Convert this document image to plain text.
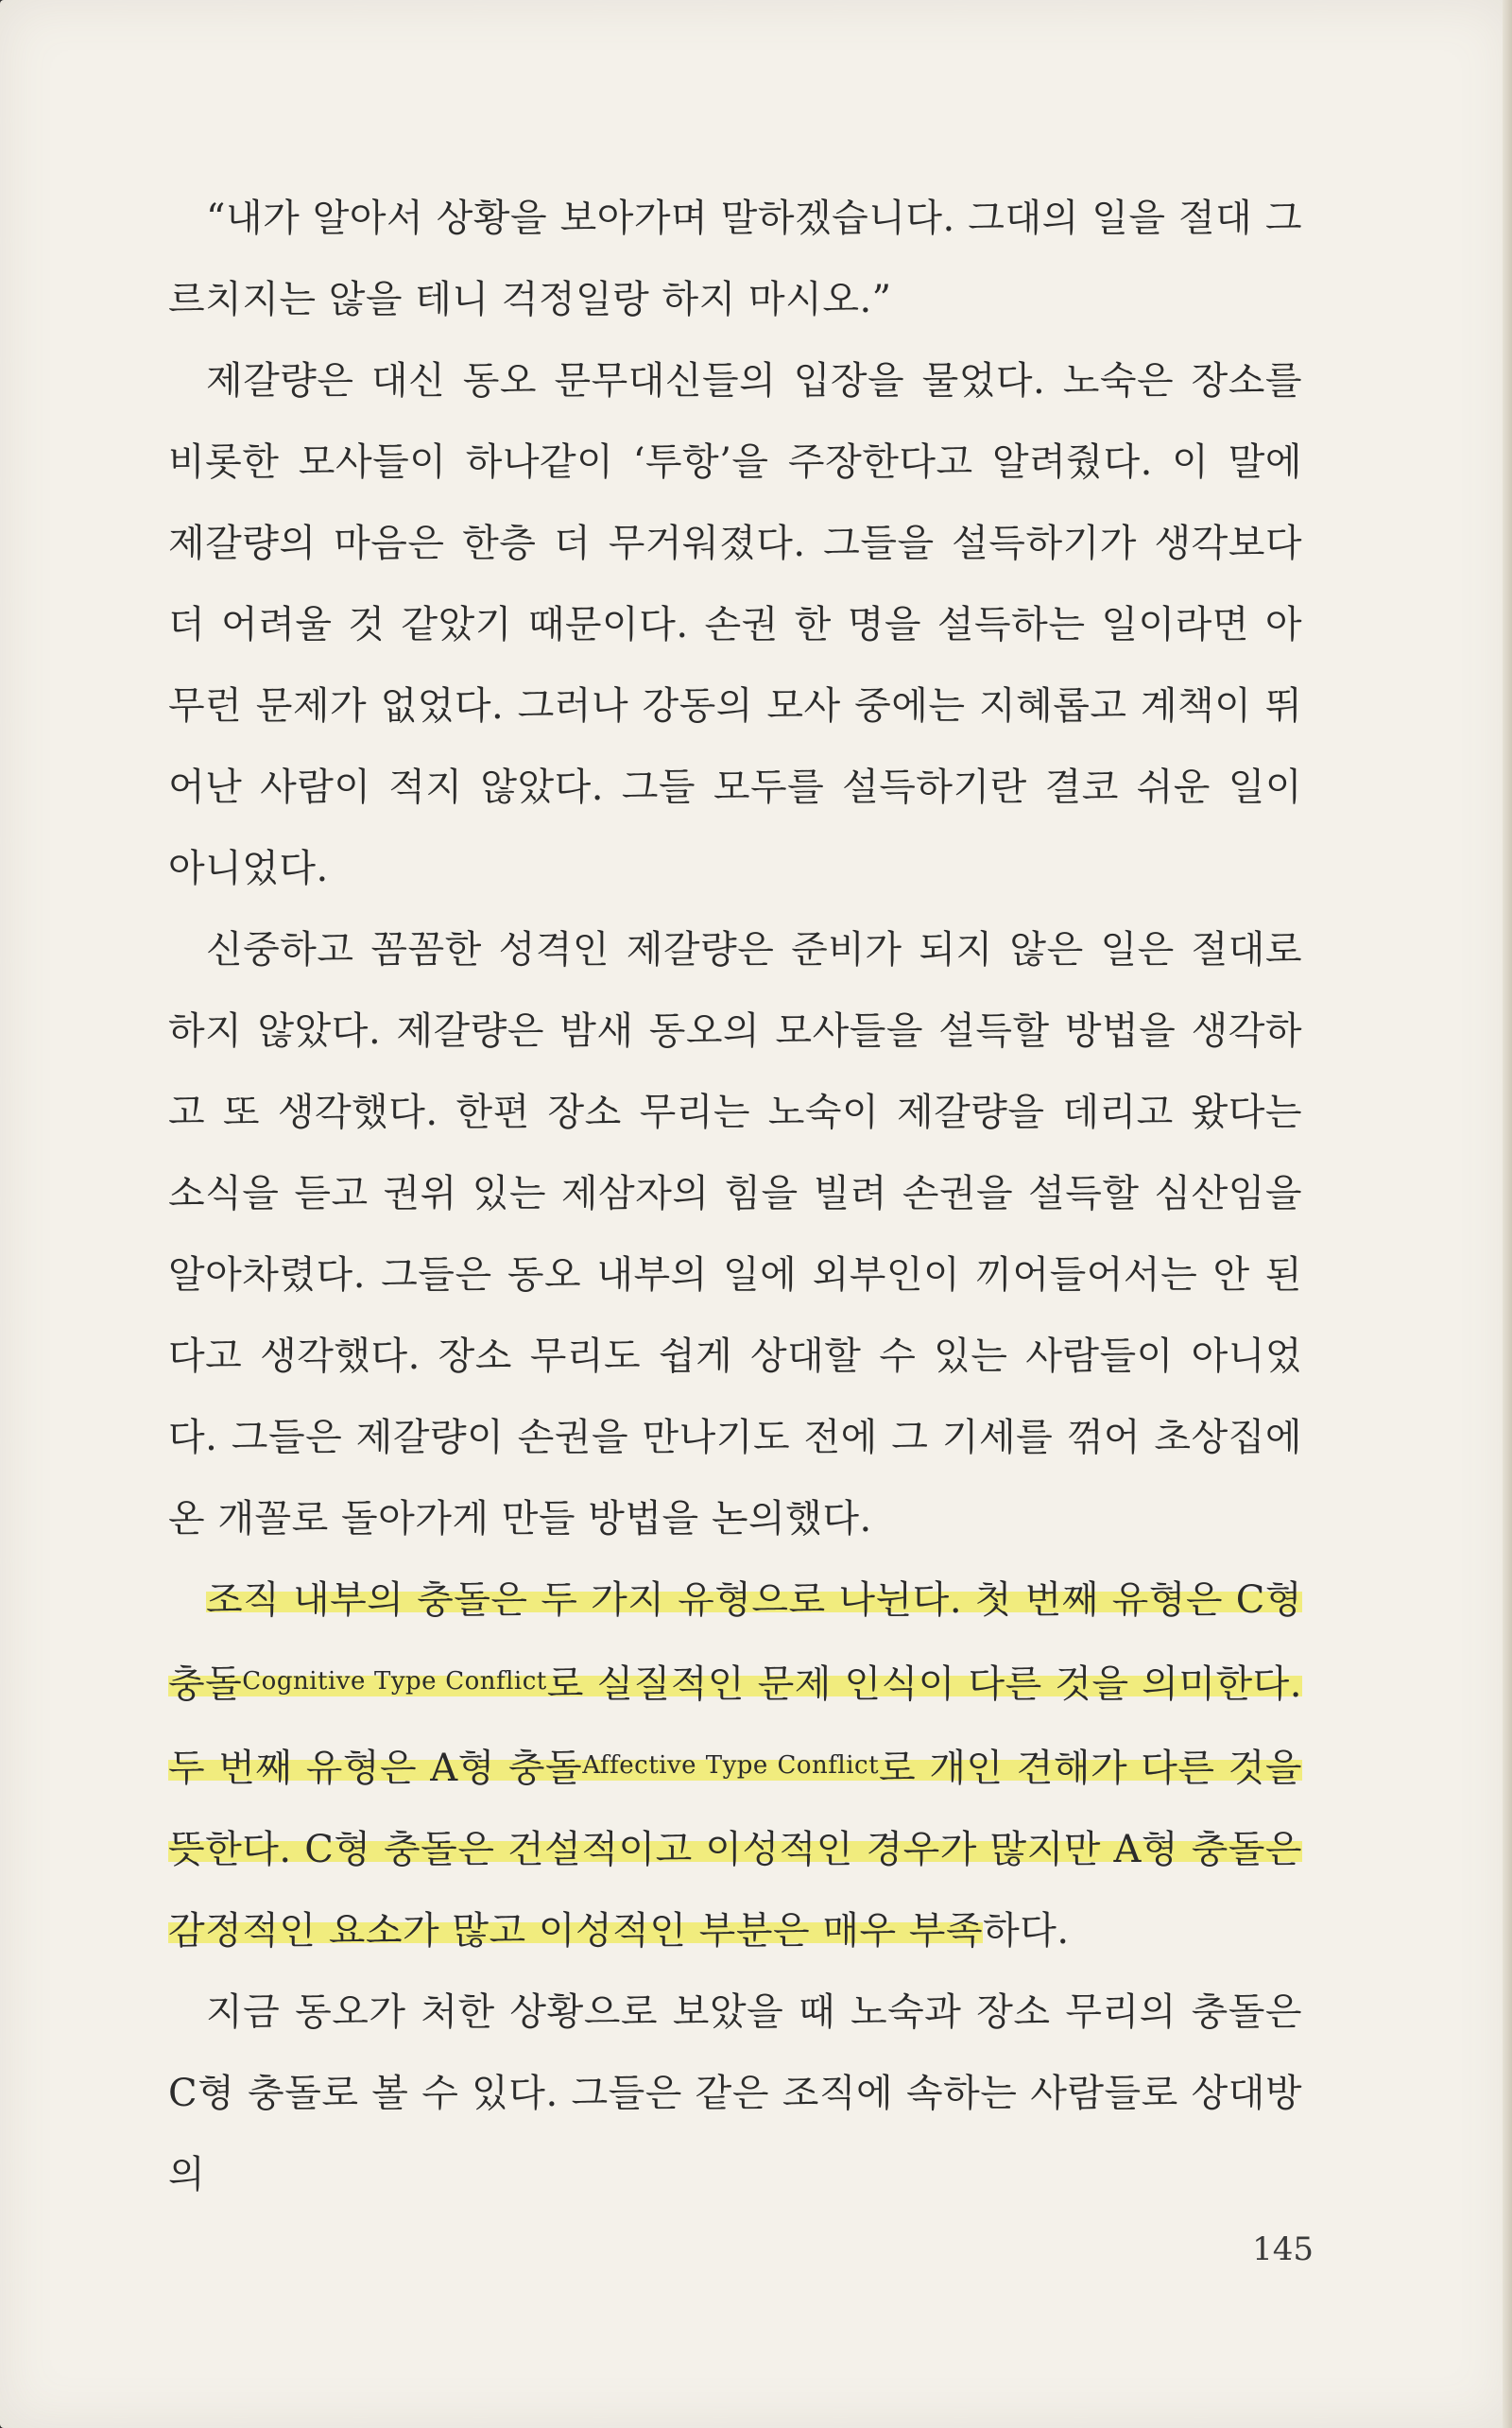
“내가 알아서 상황을 보아가며 말하겠습니다. 그대의 일을 절대 그르치지는 않을 테니 걱정일랑 하지 마시오.”

제갈량은 대신 동오 문무대신들의 입장을 물었다. 노숙은 장소를 비롯한 모사들이 하나같이 ‘투항’을 주장한다고 알려줬다. 이 말에 제갈량의 마음은 한층 더 무거워졌다. 그들을 설득하기가 생각보다 더 어려울 것 같았기 때문이다. 손권 한 명을 설득하는 일이라면 아무런 문제가 없었다. 그러나 강동의 모사 중에는 지혜롭고 계책이 뛰어난 사람이 적지 않았다. 그들 모두를 설득하기란 결코 쉬운 일이 아니었다.

신중하고 꼼꼼한 성격인 제갈량은 준비가 되지 않은 일은 절대로 하지 않았다. 제갈량은 밤새 동오의 모사들을 설득할 방법을 생각하고 또 생각했다. 한편 장소 무리는 노숙이 제갈량을 데리고 왔다는 소식을 듣고 권위 있는 제삼자의 힘을 빌려 손권을 설득할 심산임을 알아차렸다. 그들은 동오 내부의 일에 외부인이 끼어들어서는 안 된다고 생각했다. 장소 무리도 쉽게 상대할 수 있는 사람들이 아니었다. 그들은 제갈량이 손권을 만나기도 전에 그 기세를 꺾어 초상집에 온 개꼴로 돌아가게 만들 방법을 논의했다.

조직 내부의 충돌은 두 가지 유형으로 나뉜다. 첫 번째 유형은 C형 충돌$^{Cognitive Type Conflict}$로 실질적인 문제 인식이 다른 것을 의미한다. 두 번째 유형은 A형 충돌$^{Affective Type Conflict}$로 개인 견해가 다른 것을 뜻한다. C형 충돌은 건설적이고 이성적인 경우가 많지만 A형 충돌은 감정적인 요소가 많고 이성적인 부분은 매우 부족하다.

지금 동오가 처한 상황으로 보았을 때 노숙과 장소 무리의 충돌은 C형 충돌로 볼 수 있다. 그들은 같은 조직에 속하는 사람들로 상대방의

145
